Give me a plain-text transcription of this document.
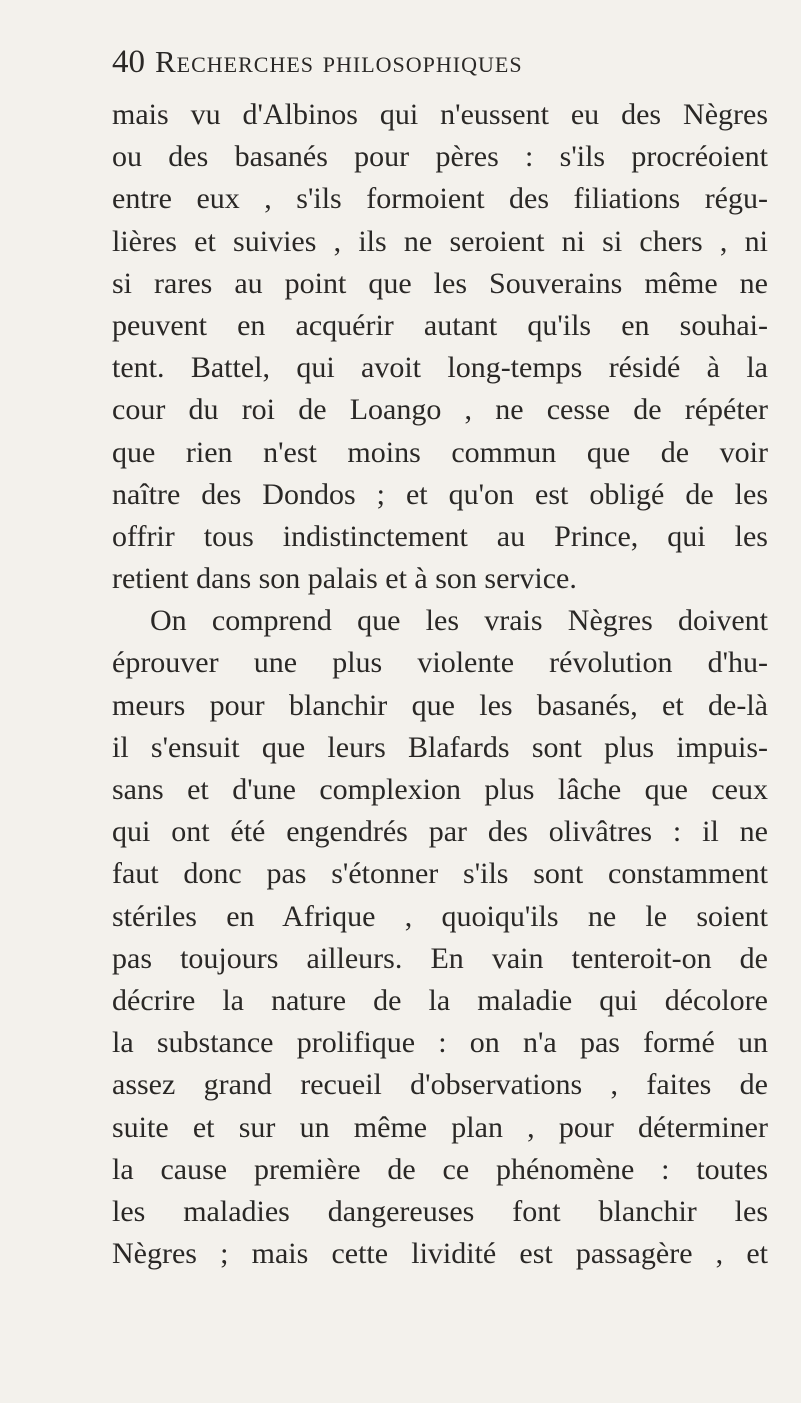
40 Recherches philosophiques
mais vu d'Albinos qui n'eussent eu des Nègres
ou des basanés pour pères : s'ils procréoient
entre eux , s'ils formoient des filiations régu-
lières et suivies , ils ne seroient ni si chers , ni
si rares au point que les Souverains même ne
peuvent en acquérir autant qu'ils en souhai-
tent. Battel, qui avoit long-temps résidé à la
cour du roi de Loango , ne cesse de répéter
que rien n'est moins commun que de voir
naître des Dondos ; et qu'on est obligé de les
offrir tous indistinctement au Prince, qui les
retient dans son palais et à son service.
On comprend que les vrais Nègres doivent
éprouver une plus violente révolution d'hu-
meurs pour blanchir que les basanés, et de-là
il s'ensuit que leurs Blafards sont plus impuis-
sans et d'une complexion plus lâche que ceux
qui ont été engendrés par des olivâtres : il ne
faut donc pas s'étonner s'ils sont constamment
stériles en Afrique , quoiqu'ils ne le soient
pas toujours ailleurs. En vain tenteroit-on de
décrire la nature de la maladie qui décolore
la substance prolifique : on n'a pas formé un
assez grand recueil d'observations , faites de
suite et sur un même plan , pour déterminer
la cause première de ce phénomène : toutes
les maladies dangereuses font blanchir les
Nègres ; mais cette lividité est passagère , et
